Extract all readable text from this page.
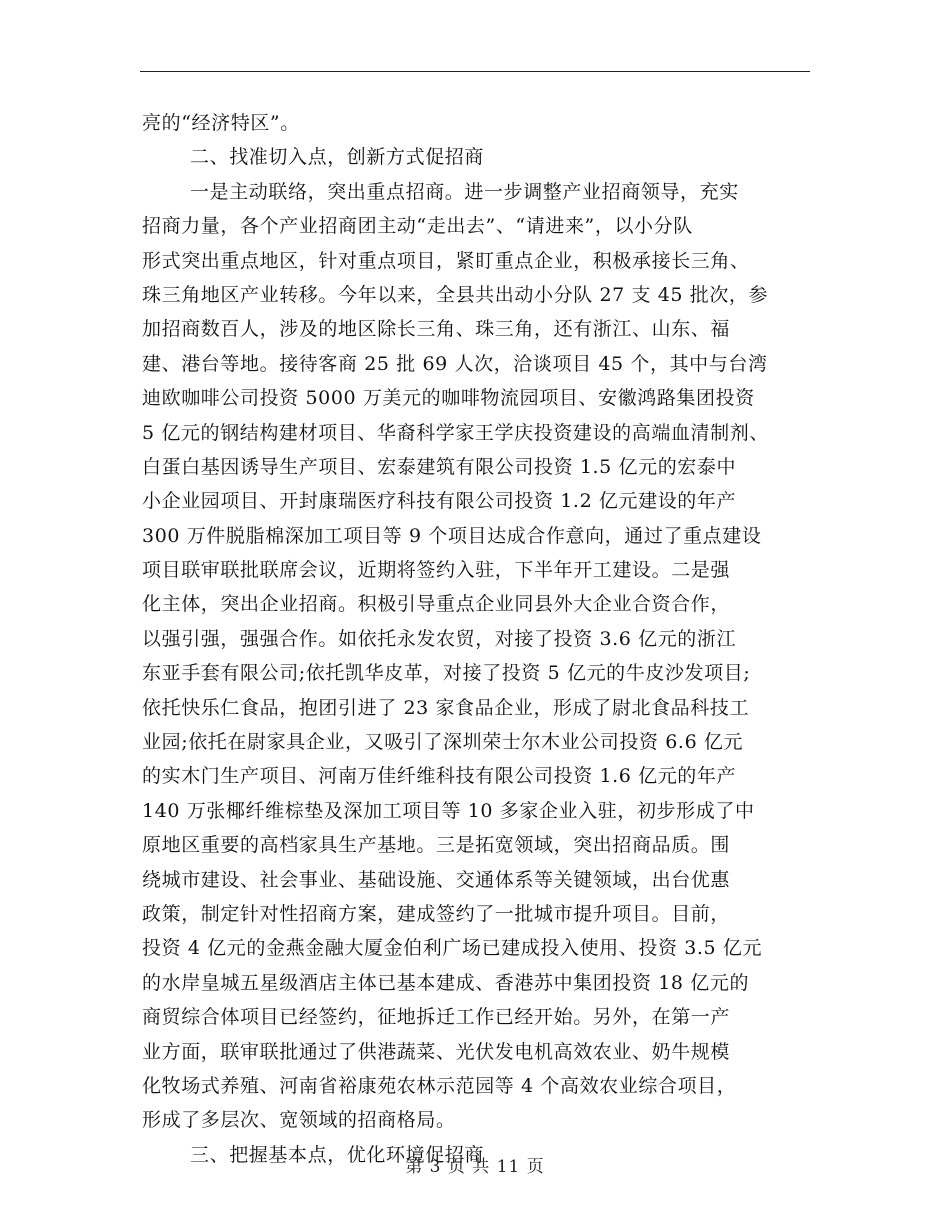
亮的“经济特区”。
二、找准切入点，创新方式促招商
一是主动联络，突出重点招商。进一步调整产业招商领导，充实
招商力量，各个产业招商团主动“走出去”、“请进来”，以小分队
形式突出重点地区，针对重点项目，紧盯重点企业，积极承接长三角、
珠三角地区产业转移。今年以来，全县共出动小分队 27 支 45 批次，参
加招商数百人，涉及的地区除长三角、珠三角，还有浙江、山东、福
建、港台等地。接待客商 25 批 69 人次，洽谈项目 45 个，其中与台湾
迪欧咖啡公司投资 5000 万美元的咖啡物流园项目、安徽鸿路集团投资
5 亿元的钢结构建材项目、华裔科学家王学庆投资建设的高端血清制剂、
白蛋白基因诱导生产项目、宏泰建筑有限公司投资 1.5 亿元的宏泰中
小企业园项目、开封康瑞医疗科技有限公司投资 1.2 亿元建设的年产
300 万件脱脂棉深加工项目等 9 个项目达成合作意向，通过了重点建设
项目联审联批联席会议，近期将签约入驻，下半年开工建设。二是强
化主体，突出企业招商。积极引导重点企业同县外大企业合资合作，
以强引强，强强合作。如依托永发农贸，对接了投资 3.6 亿元的浙江
东亚手套有限公司;依托凯华皮革，对接了投资 5 亿元的牛皮沙发项目;
依托快乐仁食品，抱团引进了 23 家食品企业，形成了尉北食品科技工
业园;依托在尉家具企业，又吸引了深圳荣士尔木业公司投资 6.6 亿元
的实木门生产项目、河南万佳纤维科技有限公司投资 1.6 亿元的年产
140 万张椰纤维棕垫及深加工项目等 10 多家企业入驻，初步形成了中
原地区重要的高档家具生产基地。三是拓宽领域，突出招商品质。围
绕城市建设、社会事业、基础设施、交通体系等关键领域，出台优惠
政策，制定针对性招商方案，建成签约了一批城市提升项目。目前，
投资 4 亿元的金燕金融大厦金伯利广场已建成投入使用、投资 3.5 亿元
的水岸皇城五星级酒店主体已基本建成、香港苏中集团投资 18 亿元的
商贸综合体项目已经签约，征地拆迁工作已经开始。另外，在第一产
业方面，联审联批通过了供港蔬菜、光伏发电机高效农业、奶牛规模
化牧场式养殖、河南省裕康苑农林示范园等 4 个高效农业综合项目，
形成了多层次、宽领域的招商格局。
三、把握基本点，优化环境促招商
第 3 页 共 11 页
